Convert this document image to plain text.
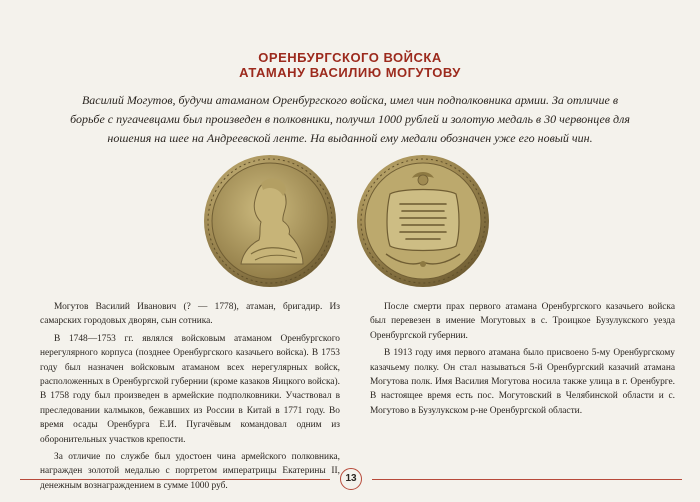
ОРЕНБУРГСКОГО ВОЙСКА
АТАМАНУ ВАСИЛИЮ МОГУТОВУ
Василий Могутов, будучи атаманом Оренбургского войска, имел чин подполковника армии. За отличие в борьбе с пугачевцами был произведен в полковники, получил 1000 рублей и золотую медаль в 30 червонцев для ношения на шее на Андреевской ленте. На выданной ему медали обозначен уже его новый чин.

Могутов Василий Иванович (? — 1778), атаман, бригадир. Из самарских городовых дворян, сын сотника.

В 1748—1753 гг. являлся войсковым атаманом Оренбургского нерегулярного корпуса (позднее Оренбургского казачьего войска). В 1753 году был назначен войсковым атаманом всех нерегулярных войск, расположенных в Оренбургской губернии (кроме казаков Яицкого войска). В 1758 году был произведен в армейские подполковники. Участвовал в преследовании калмыков, бежавших из России в Китай в 1771 году. Во время осады Оренбурга Е.И. Пугачёвым командовал одним из оборонительных участков крепости.

За отличие по службе был удостоен чина армейского полковника, награжден золотой медалью с портретом императрицы Екатерины II, денежным вознаграждением в сумме 1000 руб.

После смерти прах первого атамана Оренбургского казачьего войска был перевезен в имение Могутовых в с. Троицкое Бузулукского уезда Оренбургской губернии.

В 1913 году имя первого атамана было присвоено 5-му Оренбургскому казачьему полку. Он стал называться 5-й Оренбургский казачий атамана Могутова полк. Имя Василия Могутова носила также улица в г. Оренбурге. В настоящее время есть пос. Могутовский в Челябинской области и с. Могутово в Бузулукском р-не Оренбургской области.

13
